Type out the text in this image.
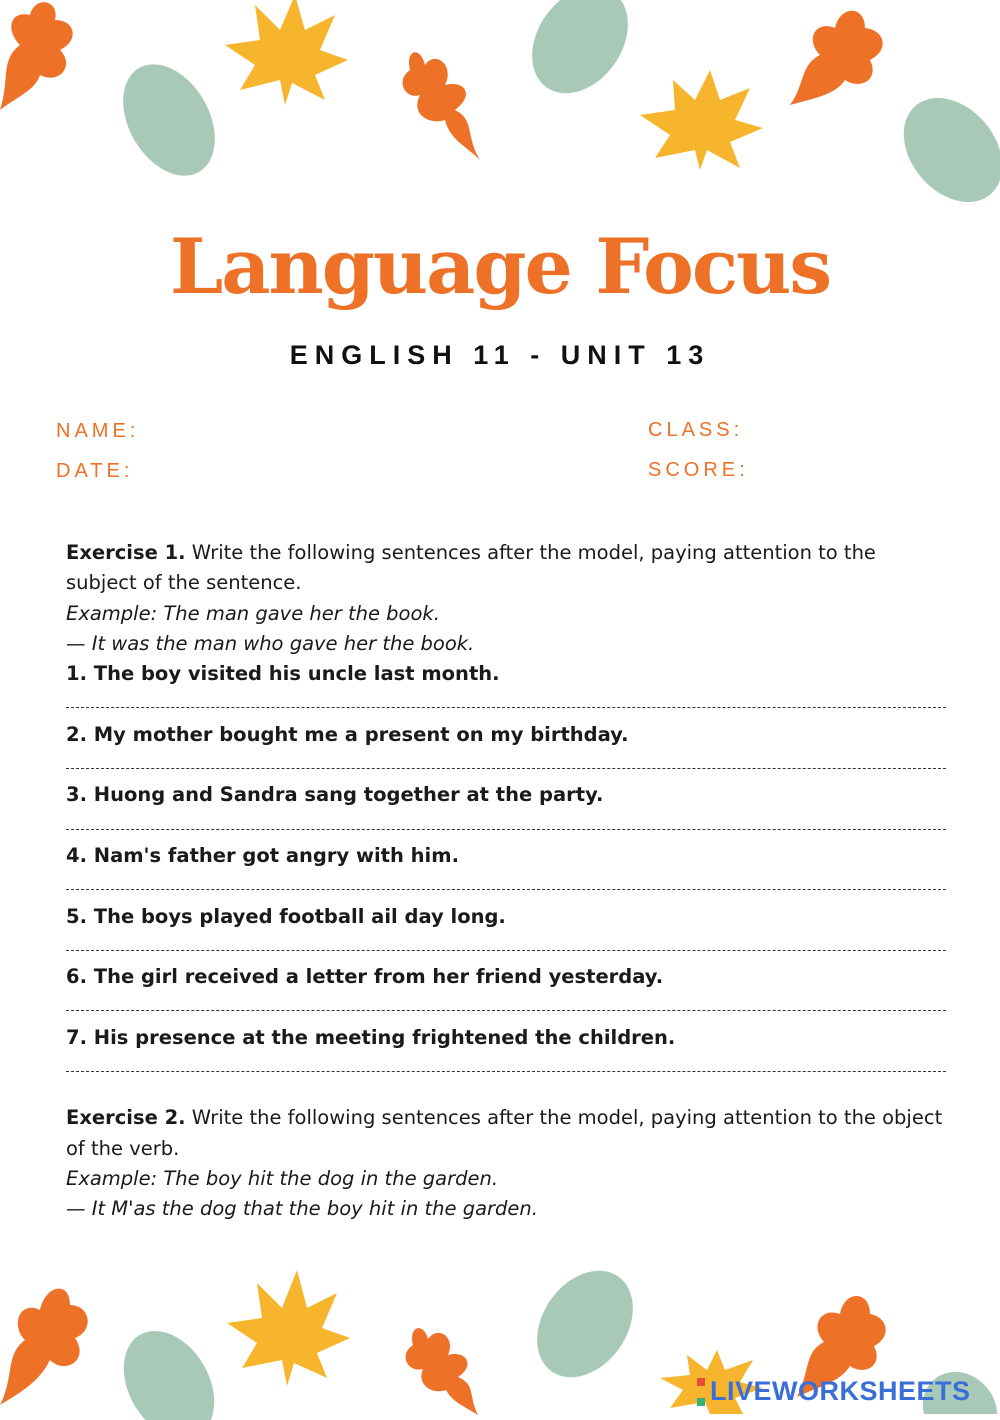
Language Focus
ENGLISH 11 - UNIT 13
NAME:
DATE:
CLASS:
SCORE:

Exercise 1. Write the following sentences after the model, paying attention to the subject of the sentence.

Example: The man gave her the book.

— It was the man who gave her the book.

1. The boy visited his uncle last month.

2. My mother bought me a present on my birthday.

3. Huong and Sandra sang together at the party.

4. Nam's father got angry with him.

5. The boys played football ail day long.

6. The girl received a letter from her friend yesterday.

7. His presence at the meeting frightened the children.

Exercise 2. Write the following sentences after the model, paying attention to the object of the verb.

Example: The boy hit the dog in the garden.

— It M'as the dog that the boy hit in the garden.

LIVEWORKSHEETS
